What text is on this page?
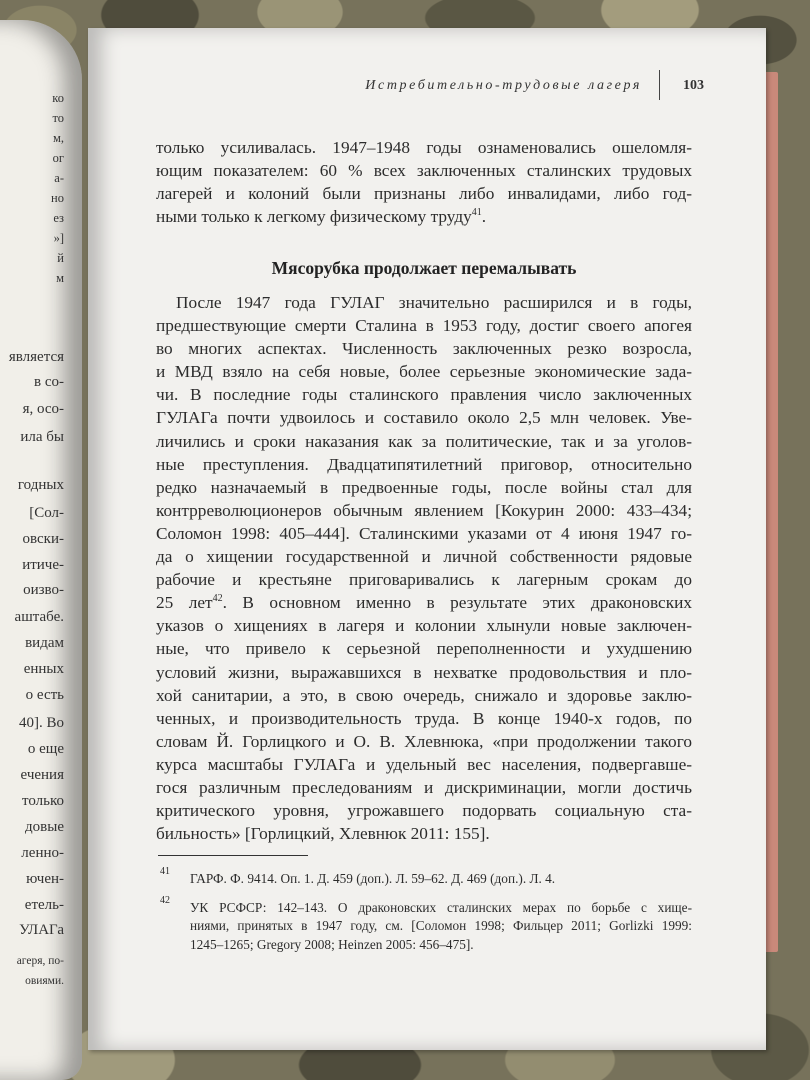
ко
то
м,
ог
а-
но
ез
»]
й
м
является
в со-
я, осо-
ила бы
годных
[Сол-
овски-
итиче-
оизво-
аштабе.
видам
енных
о есть
40]. Во
о еще
ечения
только
довые
ленно-
ючен-
етель-
УЛАГа
агеря, по-
овиями.
Истребительно-трудовые лагеря	103
только усиливалась. 1947–1948 годы ознаменовались ошеломля-
ющим показателем: 60 % всех заключенных сталинских трудовых
лагерей и колоний были признаны либо инвалидами, либо год-
ными только к легкому физическому труду$^{41}$.
Мясорубка продолжает перемалывать
После 1947 года ГУЛАГ значительно расширился и в годы,
предшествующие смерти Сталина в 1953 году, достиг своего апогея
во многих аспектах. Численность заключенных резко возросла,
и МВД взяло на себя новые, более серьезные экономические зада-
чи. В последние годы сталинского правления число заключенных
ГУЛАГа почти удвоилось и составило около 2,5 млн человек. Уве-
личились и сроки наказания как за политические, так и за уголов-
ные преступления. Двадцатипятилетний приговор, относительно
редко назначаемый в предвоенные годы, после войны стал для
контрреволюционеров обычным явлением [Кокурин 2000: 433–434;
Соломон 1998: 405–444]. Сталинскими указами от 4 июня 1947 го-
да о хищении государственной и личной собственности рядовые
рабочие и крестьяне приговаривались к лагерным срокам до
25 лет$^{42}$. В основном именно в результате этих драконовских
указов о хищениях в лагеря и колонии хлынули новые заключен-
ные, что привело к серьезной переполненности и ухудшению
условий жизни, выражавшихся в нехватке продовольствия и пло-
хой санитарии, а это, в свою очередь, снижало и здоровье заклю-
ченных, и производительность труда. В конце 1940-х годов, по
словам Й. Горлицкого и О. В. Хлевнюка, «при продолжении такого
курса масштабы ГУЛАГа и удельный вес населения, подвергавше-
гося различным преследованиям и дискриминации, могли достичь
критического уровня, угрожавшего подорвать социальную ста-
бильность» [Горлицкий, Хлевнюк 2011: 155].
41 ГАРФ. Ф. 9414. Оп. 1. Д. 459 (доп.). Л. 59–62. Д. 469 (доп.). Л. 4.
42 УК РСФСР: 142–143. О драконовских сталинских мерах по борьбе с хище-
ниями, принятых в 1947 году, см. [Соломон 1998; Фильцер 2011; Gorlizki 1999:
1245–1265; Gregory 2008; Heinzen 2005: 456–475].
